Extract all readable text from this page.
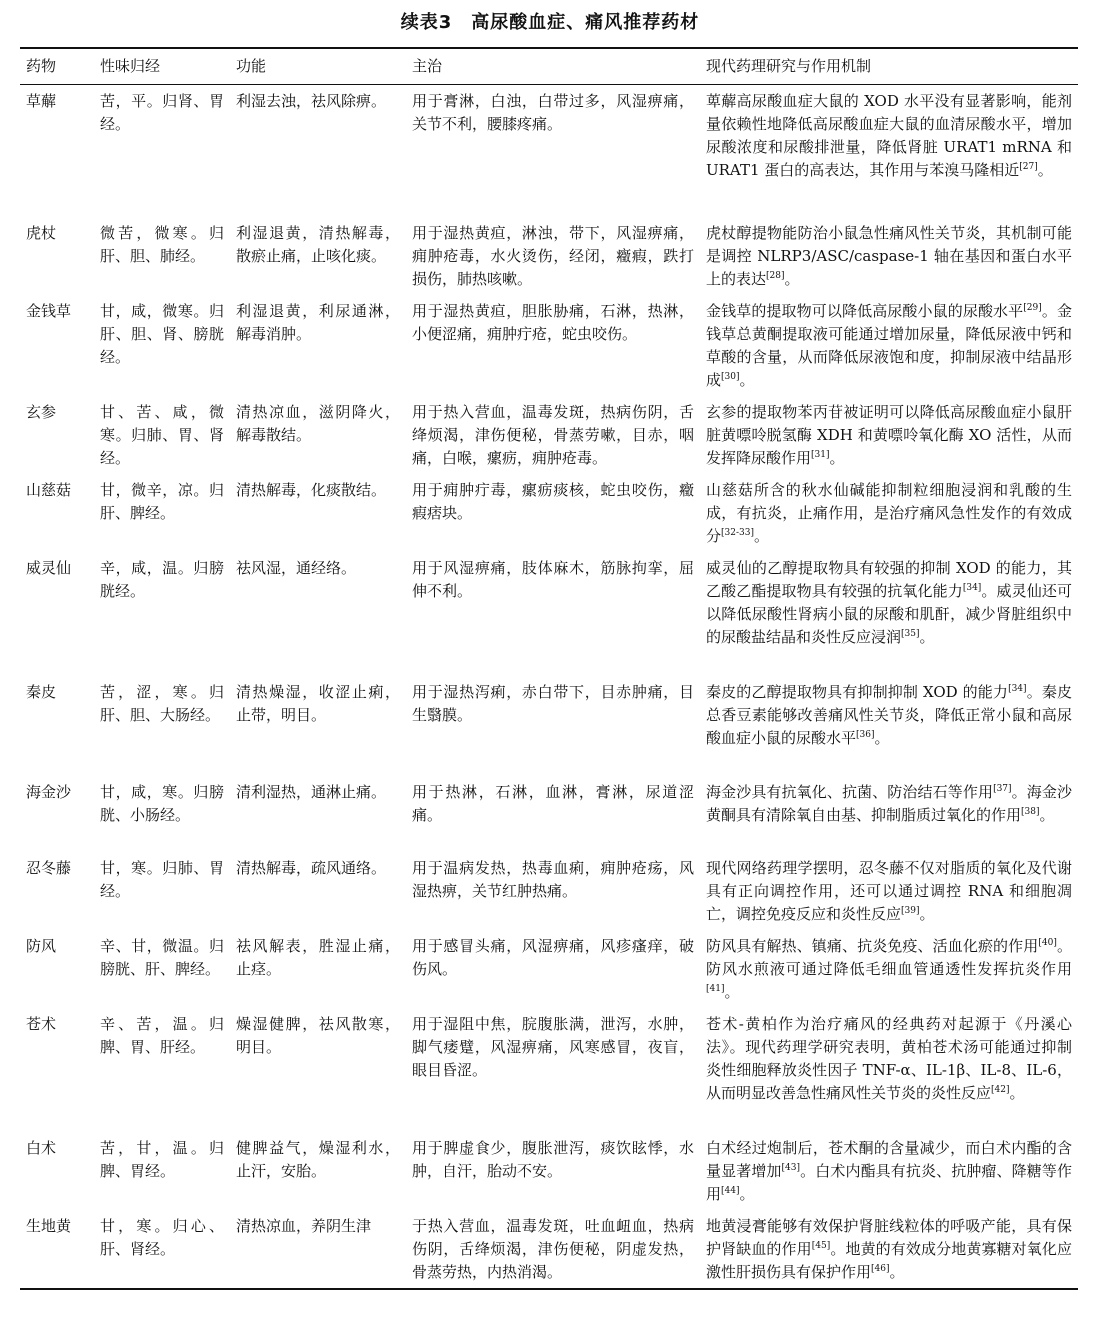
续表3　高尿酸血症、痛风推荐药材
药物	性味归经	功能	主治	现代药理研究与作用机制
草薢	苦，平。归肾、胃经。	利湿去浊，祛风除痹。	用于膏淋，白浊，白带过多，风湿痹痛，关节不利，腰膝疼痛。	萆薢高尿酸血症大鼠的 XOD 水平没有显著影响，能剂量依赖性地降低高尿酸血症大鼠的血清尿酸水平，增加尿酸浓度和尿酸排泄量，降低肾脏 URAT1 mRNA 和 URAT1 蛋白的高表达，其作用与苯溴马隆相近[27]。
虎杖	微苦，微寒。归肝、胆、肺经。	利湿退黄，清热解毒，散瘀止痛，止咳化痰。	用于湿热黄疸，淋浊，带下，风湿痹痛，痈肿疮毒，水火烫伤，经闭，癥瘕，跌打损伤，肺热咳嗽。	虎杖醇提物能防治小鼠急性痛风性关节炎，其机制可能是调控 NLRP3/ASC/caspase-1 轴在基因和蛋白水平上的表达[28]。
金钱草	甘，咸，微寒。归肝、胆、肾、膀胱经。	利湿退黄，利尿通淋，解毒消肿。	用于湿热黄疸，胆胀胁痛，石淋，热淋，小便涩痛，痈肿疔疮，蛇虫咬伤。	金钱草的提取物可以降低高尿酸小鼠的尿酸水平[29]。金钱草总黄酮提取液可能通过增加尿量，降低尿液中钙和草酸的含量，从而降低尿液饱和度，抑制尿液中结晶形成[30]。
玄参	甘、苦、咸，微寒。归肺、胃、肾经。	清热凉血，滋阴降火，解毒散结。	用于热入营血，温毒发斑，热病伤阴，舌绛烦渴，津伤便秘，骨蒸劳嗽，目赤，咽痛，白喉，瘰疬，痈肿疮毒。	玄参的提取物苯丙苷被证明可以降低高尿酸血症小鼠肝脏黄嘌呤脱氢酶 XDH 和黄嘌呤氧化酶 XO 活性，从而发挥降尿酸作用[31]。
山慈菇	甘，微辛，凉。归肝、脾经。	清热解毒，化痰散结。	用于痈肿疔毒，瘰疬痰核，蛇虫咬伤，癥瘕痞块。	山慈菇所含的秋水仙碱能抑制粒细胞浸润和乳酸的生成，有抗炎，止痛作用，是治疗痛风急性发作的有效成分[32-33]。
威灵仙	辛，咸，温。归膀胱经。	祛风湿，通经络。	用于风湿痹痛，肢体麻木，筋脉拘挛，屈伸不利。	威灵仙的乙醇提取物具有较强的抑制 XOD 的能力，其乙酸乙酯提取物具有较强的抗氧化能力[34]。威灵仙还可以降低尿酸性肾病小鼠的尿酸和肌酐，减少肾脏组织中的尿酸盐结晶和炎性反应浸润[35]。
秦皮	苦，涩，寒。归肝、胆、大肠经。	清热燥湿，收涩止痢，止带，明目。	用于湿热泻痢，赤白带下，目赤肿痛，目生翳膜。	秦皮的乙醇提取物具有抑制抑制 XOD 的能力[34]。秦皮总香豆素能够改善痛风性关节炎，降低正常小鼠和高尿酸血症小鼠的尿酸水平[36]。
海金沙	甘，咸，寒。归膀胱、小肠经。	清利湿热，通淋止痛。	用于热淋，石淋，血淋，膏淋，尿道涩痛。	海金沙具有抗氧化、抗菌、防治结石等作用[37]。海金沙黄酮具有清除氧自由基、抑制脂质过氧化的作用[38]。
忍冬藤	甘，寒。归肺、胃经。	清热解毒，疏风通络。	用于温病发热，热毒血痢，痈肿疮疡，风湿热痹，关节红肿热痛。	现代网络药理学摆明，忍冬藤不仅对脂质的氧化及代谢具有正向调控作用，还可以通过调控 RNA 和细胞凋亡，调控免疫反应和炎性反应[39]。
防风	辛、甘，微温。归膀胱、肝、脾经。	祛风解表，胜湿止痛，止痉。	用于感冒头痛，风湿痹痛，风疹瘙痒，破伤风。	防风具有解热、镇痛、抗炎免疫、活血化瘀的作用[40]。防风水煎液可通过降低毛细血管通透性发挥抗炎作用[41]。
苍术	辛、苦，温。归脾、胃、肝经。	燥湿健脾，祛风散寒，明目。	用于湿阻中焦，脘腹胀满，泄泻，水肿，脚气痿躄，风湿痹痛，风寒感冒，夜盲，眼目昏涩。	苍术-黄柏作为治疗痛风的经典药对起源于《丹溪心法》。现代药理学研究表明，黄柏苍术汤可能通过抑制炎性细胞释放炎性因子 TNF-α、IL-1β、IL-8、IL-6，从而明显改善急性痛风性关节炎的炎性反应[42]。
白术	苦，甘，温。归脾、胃经。	健脾益气，燥湿利水，止汗，安胎。	用于脾虚食少，腹胀泄泻，痰饮眩悸，水肿，自汗，胎动不安。	白术经过炮制后，苍术酮的含量减少，而白术内酯的含量显著增加[43]。白术内酯具有抗炎、抗肿瘤、降糖等作用[44]。
生地黄	甘，寒。归心、肝、肾经。	清热凉血，养阴生津	于热入营血，温毒发斑，吐血衄血，热病伤阴，舌绛烦渴，津伤便秘，阴虚发热，骨蒸劳热，内热消渴。	地黄浸膏能够有效保护肾脏线粒体的呼吸产能，具有保护肾缺血的作用[45]。地黄的有效成分地黄寡糖对氧化应激性肝损伤具有保护作用[46]。
